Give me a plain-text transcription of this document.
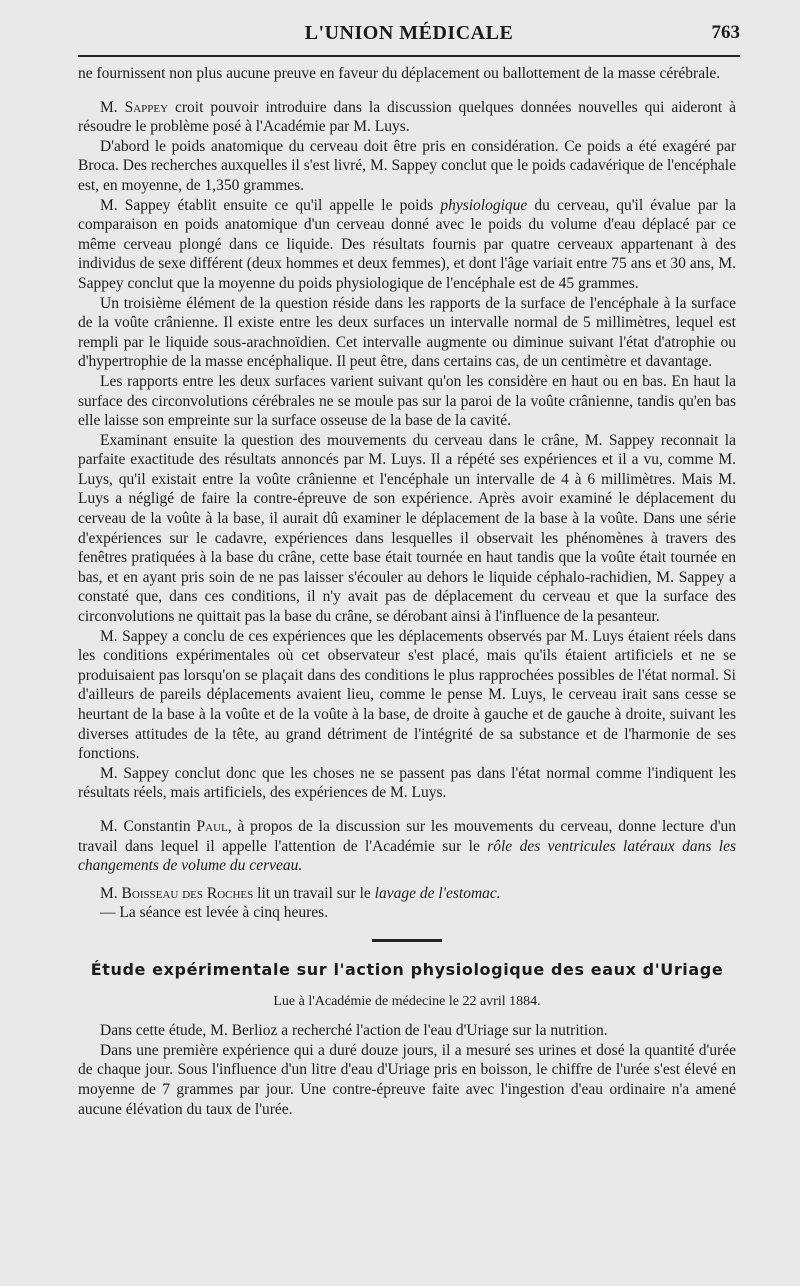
L'UNION MÉDICALE	763

ne fournissent non plus aucune preuve en faveur du déplacement ou ballottement de la masse cérébrale.

M. Sappey croit pouvoir introduire dans la discussion quelques données nouvelles qui aideront à résoudre le problème posé à l'Académie par M. Luys.

D'abord le poids anatomique du cerveau doit être pris en considération. Ce poids a été exagéré par Broca. Des recherches auxquelles il s'est livré, M. Sappey conclut que le poids cadavérique de l'encéphale est, en moyenne, de 1,350 grammes.

M. Sappey établit ensuite ce qu'il appelle le poids physiologique du cerveau, qu'il évalue par la comparaison en poids anatomique d'un cerveau donné avec le poids du volume d'eau déplacé par ce même cerveau plongé dans ce liquide. Des résultats fournis par quatre cerveaux appartenant à des individus de sexe différent (deux hommes et deux femmes), et dont l'âge variait entre 75 ans et 30 ans, M. Sappey conclut que la moyenne du poids physiologique de l'encéphale est de 45 grammes.

Un troisième élément de la question réside dans les rapports de la surface de l'encéphale à la surface de la voûte crânienne. Il existe entre les deux surfaces un intervalle normal de 5 millimètres, lequel est rempli par le liquide sous-arachnoïdien. Cet intervalle augmente ou diminue suivant l'état d'atrophie ou d'hypertrophie de la masse encéphalique. Il peut être, dans certains cas, de un centimètre et davantage.

Les rapports entre les deux surfaces varient suivant qu'on les considère en haut ou en bas. En haut la surface des circonvolutions cérébrales ne se moule pas sur la paroi de la voûte crânienne, tandis qu'en bas elle laisse son empreinte sur la surface osseuse de la base de la cavité.

Examinant ensuite la question des mouvements du cerveau dans le crâne, M. Sappey reconnait la parfaite exactitude des résultats annoncés par M. Luys. Il a répété ses expériences et il a vu, comme M. Luys, qu'il existait entre la voûte crânienne et l'encéphale un intervalle de 4 à 6 millimètres. Mais M. Luys a négligé de faire la contre-épreuve de son expérience. Après avoir examiné le déplacement du cerveau de la voûte à la base, il aurait dû examiner le déplacement de la base à la voûte. Dans une série d'expériences sur le cadavre, expériences dans lesquelles il observait les phénomènes à travers des fenêtres pratiquées à la base du crâne, cette base était tournée en haut tandis que la voûte était tournée en bas, et en ayant pris soin de ne pas laisser s'écouler au dehors le liquide céphalo-rachidien, M. Sappey a constaté que, dans ces conditions, il n'y avait pas de déplacement du cerveau et que la surface des circonvolutions ne quittait pas la base du crâne, se dérobant ainsi à l'influence de la pesanteur.

M. Sappey a conclu de ces expériences que les déplacements observés par M. Luys étaient réels dans les conditions expérimentales où cet observateur s'est placé, mais qu'ils étaient artificiels et ne se produisaient pas lorsqu'on se plaçait dans des conditions le plus rapprochées possibles de l'état normal. Si d'ailleurs de pareils déplacements avaient lieu, comme le pense M. Luys, le cerveau irait sans cesse se heurtant de la base à la voûte et de la voûte à la base, de droite à gauche et de gauche à droite, suivant les diverses attitudes de la tête, au grand détriment de l'intégrité de sa substance et de l'harmonie de ses fonctions.

M. Sappey conclut donc que les choses ne se passent pas dans l'état normal comme l'indiquent les résultats réels, mais artificiels, des expériences de M. Luys.

M. Constantin Paul, à propos de la discussion sur les mouvements du cerveau, donne lecture d'un travail dans lequel il appelle l'attention de l'Académie sur le rôle des ventricules latéraux dans les changements de volume du cerveau.

M. Boisseau des Roches lit un travail sur le lavage de l'estomac.

— La séance est levée à cinq heures.

Étude expérimentale sur l'action physiologique des eaux d'Uriage
Lue à l'Académie de médecine le 22 avril 1884.

Dans cette étude, M. Berlioz a recherché l'action de l'eau d'Uriage sur la nutrition.

Dans une première expérience qui a duré douze jours, il a mesuré ses urines et dosé la quantité d'urée de chaque jour. Sous l'influence d'un litre d'eau d'Uriage pris en boisson, le chiffre de l'urée s'est élevé en moyenne de 7 grammes par jour. Une contre-épreuve faite avec l'ingestion d'eau ordinaire n'a amené aucune élévation du taux de l'urée.
